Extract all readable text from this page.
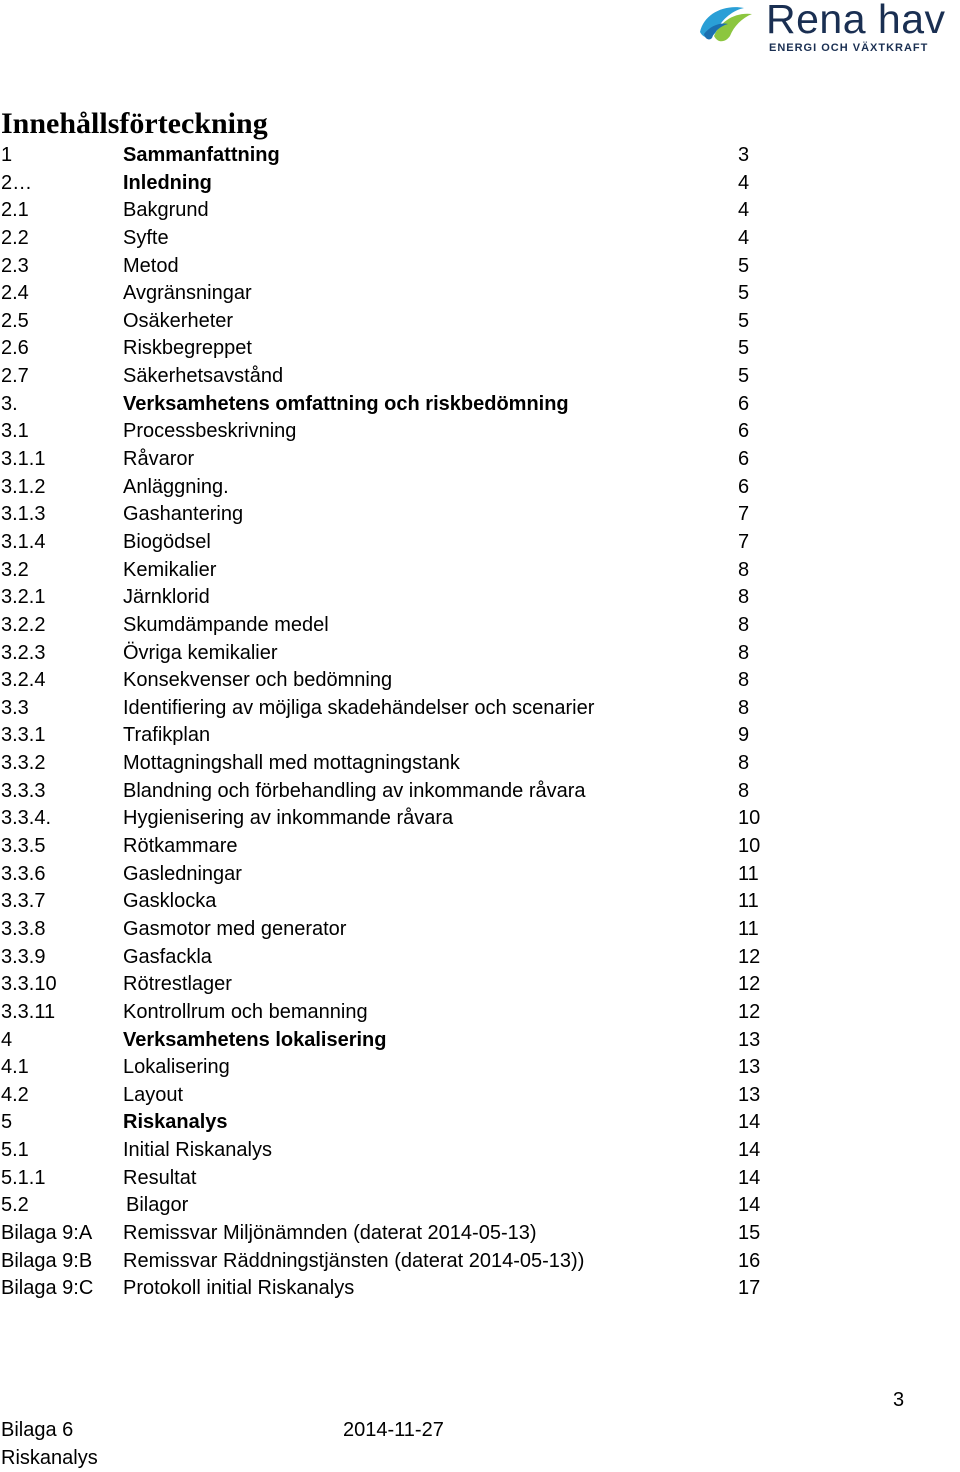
Rena hav
ENERGI OCH VÄXTKRAFT
Innehållsförteckning
1	Sammanfattning	3
2…	Inledning	4
2.1	Bakgrund	4
2.2	Syfte	4
2.3	Metod	5
2.4	Avgränsningar	5
2.5	Osäkerheter	5
2.6	Riskbegreppet	5
2.7	Säkerhetsavstånd	5
3.	Verksamhetens omfattning och riskbedömning	6
3.1	Processbeskrivning	6
3.1.1	Råvaror	6
3.1.2	Anläggning.	6
3.1.3	Gashantering	7
3.1.4	Biogödsel	7
3.2	Kemikalier	8
3.2.1	Järnklorid	8
3.2.2	Skumdämpande medel	8
3.2.3	Övriga kemikalier	8
3.2.4	Konsekvenser och bedömning	8
3.3	Identifiering av möjliga skadehändelser och scenarier	8
3.3.1	Trafikplan	9
3.3.2	Mottagningshall med mottagningstank	8
3.3.3	Blandning och förbehandling av inkommande råvara	8
3.3.4.	Hygienisering av inkommande råvara	10
3.3.5	Rötkammare	10
3.3.6	Gasledningar	11
3.3.7	Gasklocka	11
3.3.8	Gasmotor med generator	11
3.3.9	Gasfackla	12
3.3.10	Rötrestlager	12
3.3.11	Kontrollrum och bemanning	12
4	Verksamhetens lokalisering	13
4.1	Lokalisering	13
4.2	Layout	13
5	Riskanalys	14
5.1	Initial Riskanalys	14
5.1.1	Resultat	14
5.2	Bilagor	14
Bilaga 9:A Remissvar Miljönämnden (daterat 2014-05-13)	15
Bilaga 9:B Remissvar Räddningstjänsten (daterat 2014-05-13))	16
Bilaga 9:C Protokoll initial Riskanalys	17
3
Bilaga 6
Riskanalys
2014-11-27
